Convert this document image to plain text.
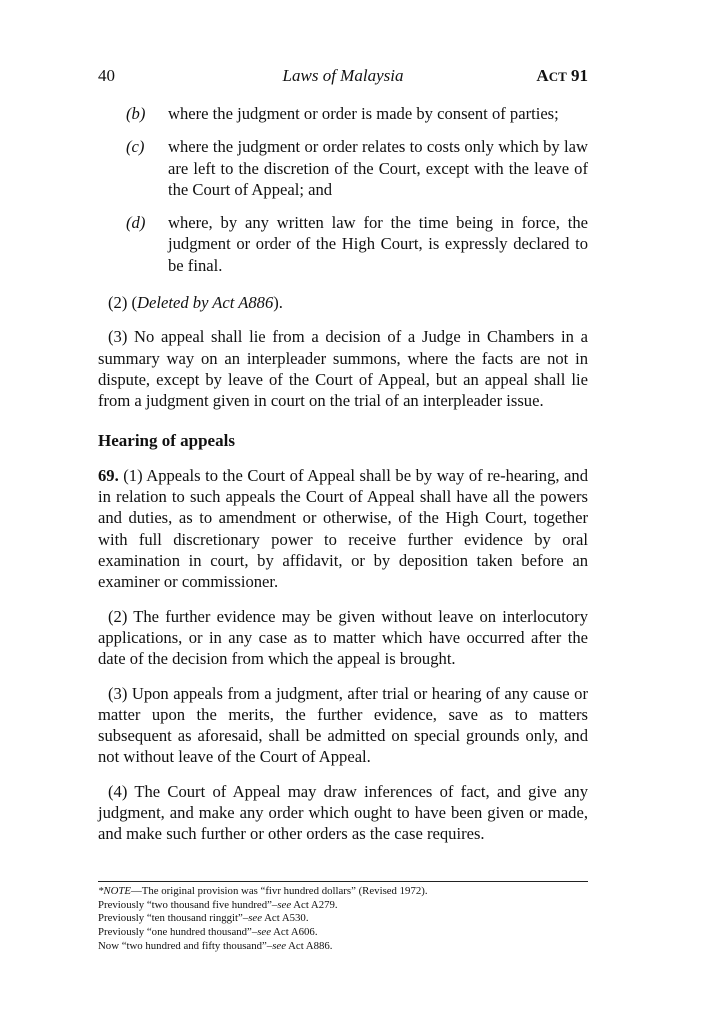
40	Laws of Malaysia	ACT 91
(b) where the judgment or order is made by consent of parties;
(c) where the judgment or order relates to costs only which by law are left to the discretion of the Court, except with the leave of the Court of Appeal; and
(d) where, by any written law for the time being in force, the judgment or order of the High Court, is expressly declared to be final.

(2) (Deleted by Act A886).

(3) No appeal shall lie from a decision of a Judge in Chambers in a summary way on an interpleader summons, where the facts are not in dispute, except by leave of the Court of Appeal, but an appeal shall lie from a judgment given in court on the trial of an interpleader issue.

Hearing of appeals

69. (1) Appeals to the Court of Appeal shall be by way of re-hearing, and in relation to such appeals the Court of Appeal shall have all the powers and duties, as to amendment or otherwise, of the High Court, together with full discretionary power to receive further evidence by oral examination in court, by affidavit, or by deposition taken before an examiner or commissioner.

(2) The further evidence may be given without leave on interlocutory applications, or in any case as to matter which have occurred after the date of the decision from which the appeal is brought.

(3) Upon appeals from a judgment, after trial or hearing of any cause or matter upon the merits, the further evidence, save as to matters subsequent as aforesaid, shall be admitted on special grounds only, and not without leave of the Court of Appeal.

(4) The Court of Appeal may draw inferences of fact, and give any judgment, and make any order which ought to have been given or made, and make such further or other orders as the case requires.

*NOTE—The original provision was “fivr hundred dollars” (Revised 1972).
Previously “two thousand five hundred”–see Act A279.
Previously “ten thousand ringgit”–see Act A530.
Previously “one hundred thousand”–see Act A606.
Now “two hundred and fifty thousand”–see Act A886.
